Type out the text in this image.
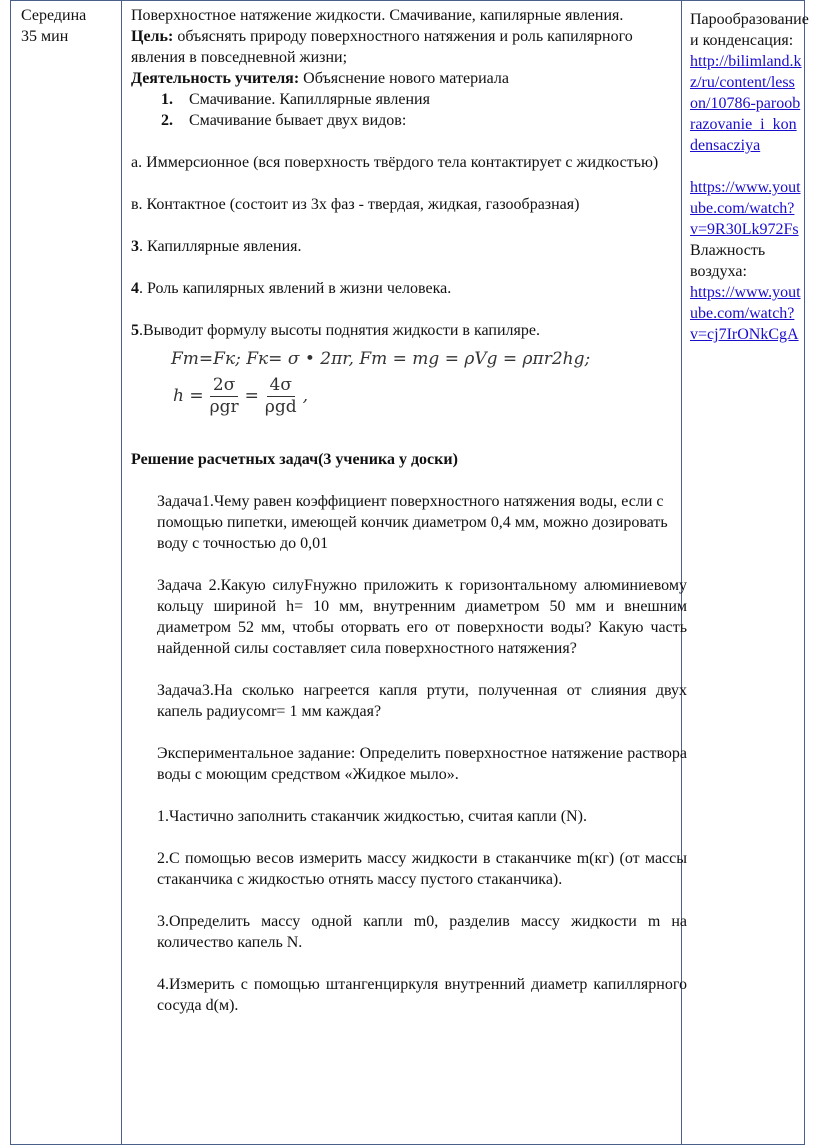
Середина
35 мин

Поверхностное натяжение жидкости. Смачивание, капилярные явления.

Цель: объяснять природу поверхностного натяжения и роль капилярного явления в повседневной жизни;

Деятельность учителя: Объяснение нового материала

1. Смачивание. Капиллярные явления
2. Смачивание бывает двух видов:

а. Иммерсионное (вся поверхность твёрдого тела контактирует с жидкостью)

в. Контактное (состоит из 3х фаз - твердая, жидкая, газообразная)

3. Капиллярные явления.

4. Роль капилярных явлений в жизни человека.

5.Выводит формулу высоты поднятия жидкости в капиляре.

Fт=Fк; Fк= σ • 2πr, Fт = mg = ρVg = ρπr2hg;
$h = \frac{2\sigma}{\text{ρgr}} = \frac{4\sigma}{\text{ρgd}}$ ,

Решение расчетных задач(3 ученика у доски)

Задача1.Чему равен коэффициент поверхностного натяжения воды, если с помощью пипетки, имеющей кончик диаметром 0,4 мм, можно дозировать воду с точностью до 0,01

Задача 2.Какую силуFнужно приложить к горизонтальному алюминиевому кольцу шириной h= 10 мм, внутренним диаметром 50 мм и внешним диаметром 52 мм, чтобы оторвать его от поверхности воды? Какую часть найденной силы составляет сила поверхностного натяжения?

Задача3.На сколько нагреется капля ртути, полученная от слияния двух капель радиусомr= 1 мм каждая?

Экспериментальное задание: Определить поверхностное натяжение раствора воды с моющим средством «Жидкое мыло».

1.Частично заполнить стаканчик жидкостью, считая капли (N).

2.С помощью весов измерить массу жидкости в стаканчике m(кг) (от массы стаканчика с жидкостью отнять массу пустого стаканчика).

3.Определить массу одной капли m0, разделив массу жидкости m на количество капель N.

4.Измерить с помощью штангенциркуля внутренний диаметр капиллярного сосуда d(м).

Парообразование и конденсация:
http://bilimland.kz/ru/content/lesson/10786-paroobrazovanie_i_kondensacziya
https://www.youtube.com/watch?v=9R30Lk972Fs
Влажность воздуха:
https://www.youtube.com/watch?v=cj7IrONkCgA
